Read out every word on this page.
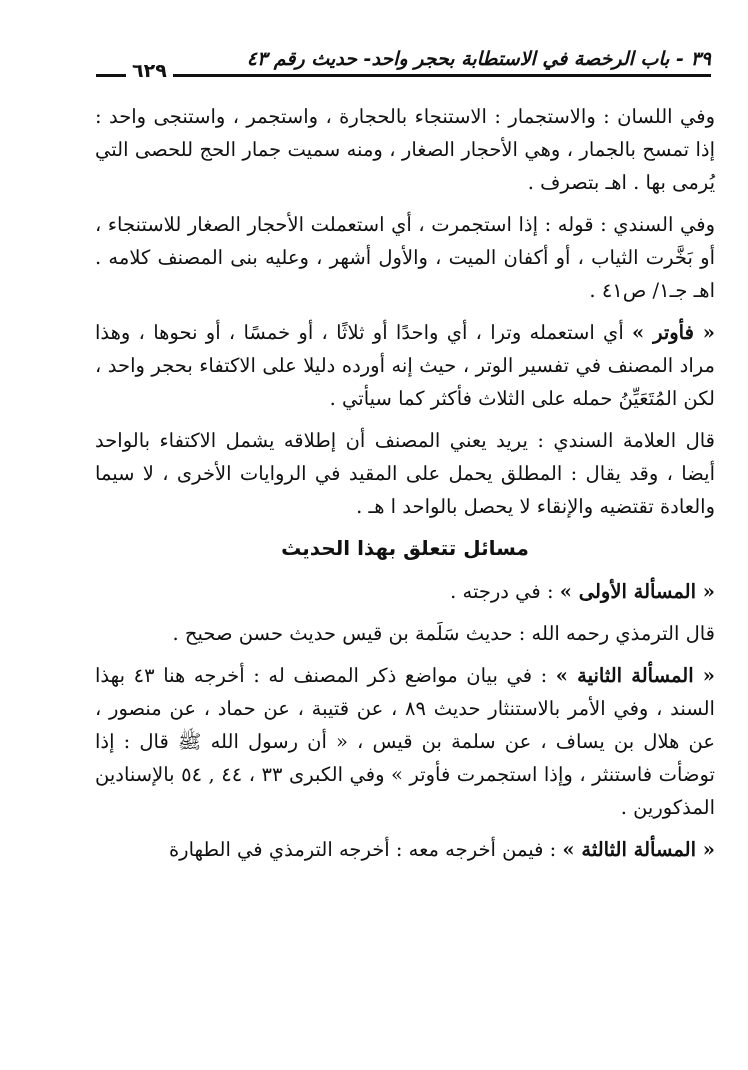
٣٩ - باب الرخصة في الاستطابة بحجر واحد- حديث رقم ٤٣
٦٢٩

وفي اللسان : والاستجمار : الاستنجاء بالحجارة ، واستجمر ، واستنجى واحد : إذا تمسح بالجمار ، وهي الأحجار الصغار ، ومنه سميت جمار الحج للحصى التي يُرمى بها . اهـ بتصرف .

وفي السندي : قوله : إذا استجمرت ، أي استعملت الأحجار الصغار للاستنجاء ، أو بَخَّرت الثياب ، أو أكفان الميت ، والأول أشهر ، وعليه بنى المصنف كلامه . اهـ جـ١/ ص٤١ .

« فأوتر » أي استعمله وترا ، أي واحدًا أو ثلاثًا ، أو خمسًا ، أو نحوها ، وهذا مراد المصنف في تفسير الوتر ، حيث إنه أورده دليلا على الاكتفاء بحجر واحد ، لكن المُتَعَيِّنُ حمله على الثلاث فأكثر كما سيأتي .

قال العلامة السندي : يريد يعني المصنف أن إطلاقه يشمل الاكتفاء بالواحد أيضا ، وقد يقال : المطلق يحمل على المقيد في الروايات الأخرى ، لا سيما والعادة تقتضيه والإنقاء لا يحصل بالواحد ا هـ .

مسائل تتعلق بهذا الحديث

« المسألة الأولى » : في درجته .

قال الترمذي رحمه الله : حديث سَلَمة بن قيس حديث حسن صحيح .

« المسألة الثانية » : في بيان مواضع ذكر المصنف له : أخرجه هنا ٤٣ بهذا السند ، وفي الأمر بالاستنثار حديث ٨٩ ، عن قتيبة ، عن حماد ، عن منصور ، عن هلال بن يساف ، عن سلمة بن قيس ، « أن رسول الله ﷺ قال : إذا توضأت فاستنثر ، وإذا استجمرت فأوتر » وفي الكبرى ٣٣ ، ٤٤ , ٥٤ بالإسنادين المذكورين .

« المسألة الثالثة » : فيمن أخرجه معه : أخرجه الترمذي في الطهارة
